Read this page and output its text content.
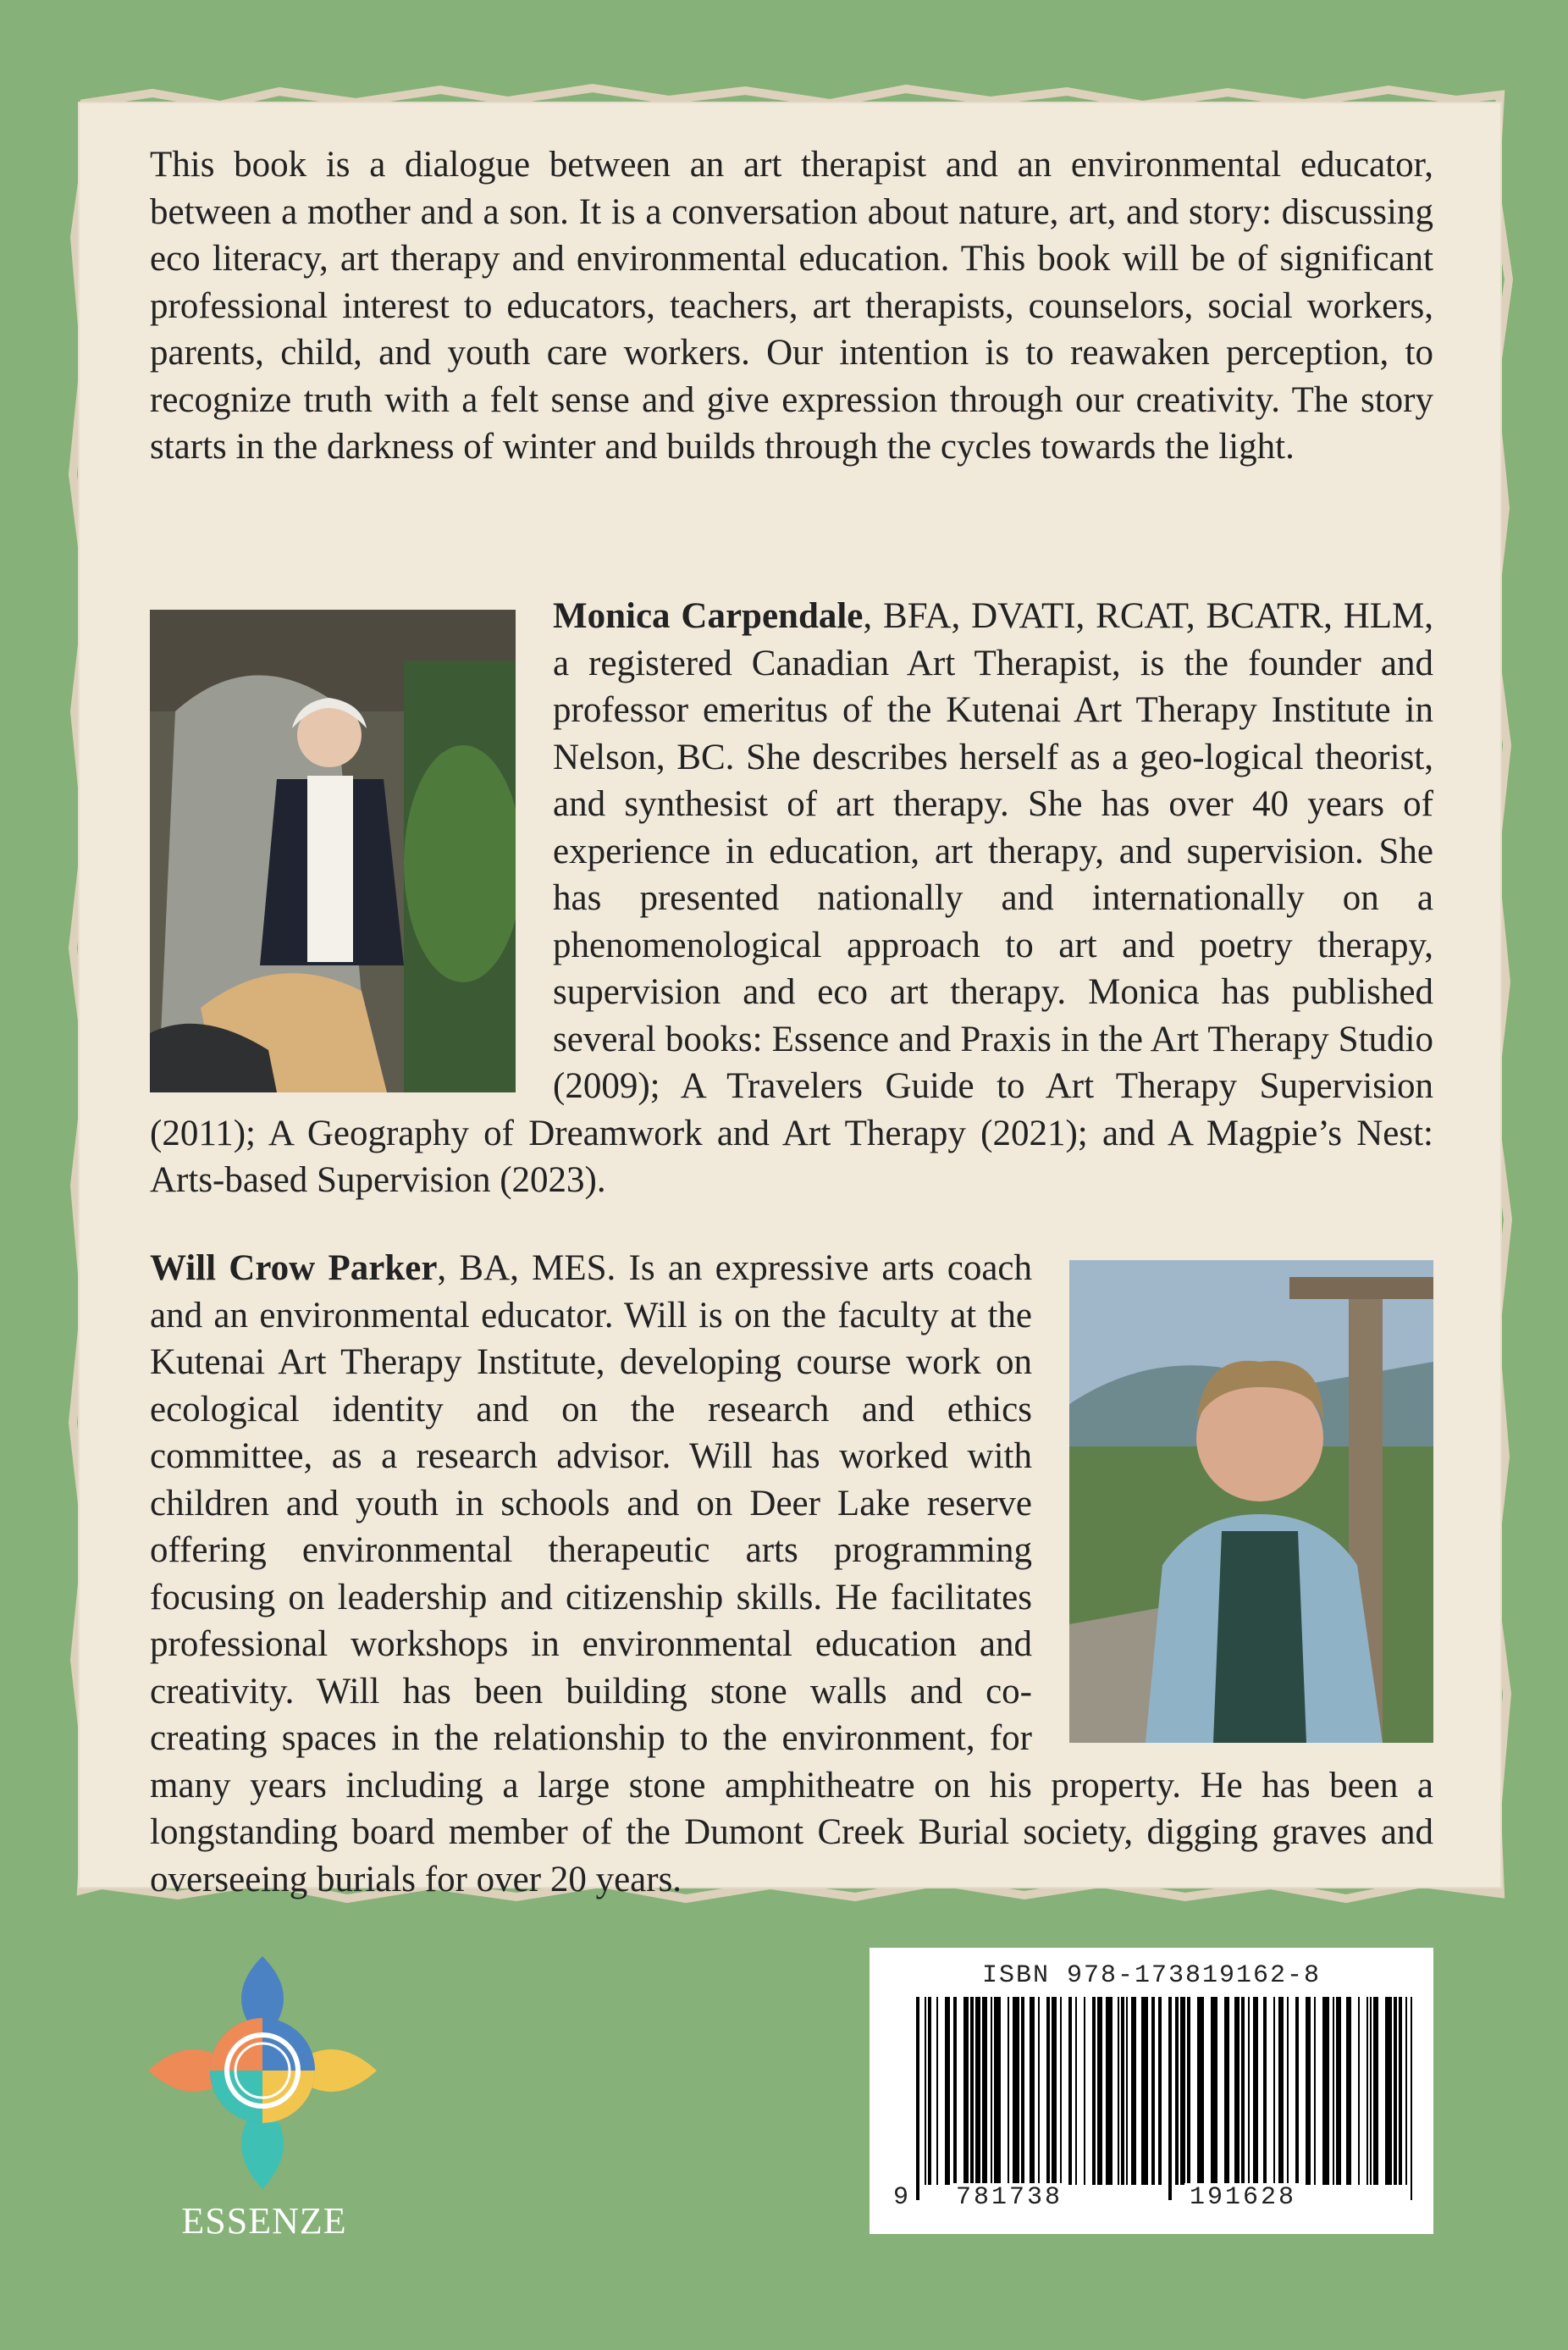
This book is a dialogue between an art therapist and an environmental educator, between a mother and a son. It is a conversation about nature, art, and story: discussing eco literacy, art therapy and environmental education. This book will be of significant professional interest to educators, teachers, art therapists, counselors, social workers, parents, child, and youth care workers. Our intention is to reawaken perception, to recognize truth with a felt sense and give expression through our creativity. The story starts in the darkness of winter and builds through the cycles towards the light.
Monica Carpendale, BFA, DVATI, RCAT, BCATR, HLM, a registered Canadian Art Therapist, is the founder and professor emeritus of the Kutenai Art Therapy Institute in Nelson, BC. She describes herself as a geo-logical theorist, and synthesist of art therapy. She has over 40 years of experience in education, art therapy, and supervision. She has presented nationally and internationally on a phenomenological approach to art and poetry therapy, supervision and eco art therapy. Monica has published several books: Essence and Praxis in the Art Therapy Studio (2009); A Travelers Guide to Art Therapy Supervision (2011); A Geography of Dreamwork and Art Therapy (2021); and A Magpie’s Nest: Arts-based Supervision (2023).
Will Crow Parker, BA, MES. Is an expressive arts coach and an environmental educator. Will is on the faculty at the Kutenai Art Therapy Institute, developing course work on ecological identity and on the research and ethics committee, as a research advisor. Will has worked with children and youth in schools and on Deer Lake reserve offering environmental therapeutic arts programming focusing on leadership and citizenship skills. He facilitates professional workshops in environmental education and creativity. Will has been building stone walls and co-creating spaces in the relationship to the environment, for many years including a large stone amphitheatre on his property. He has been a longstanding board member of the Dumont Creek Burial society, digging graves and overseeing burials for over 20 years.
ESSENZE
ISBN 978-173819162-8
9 781738	191628
